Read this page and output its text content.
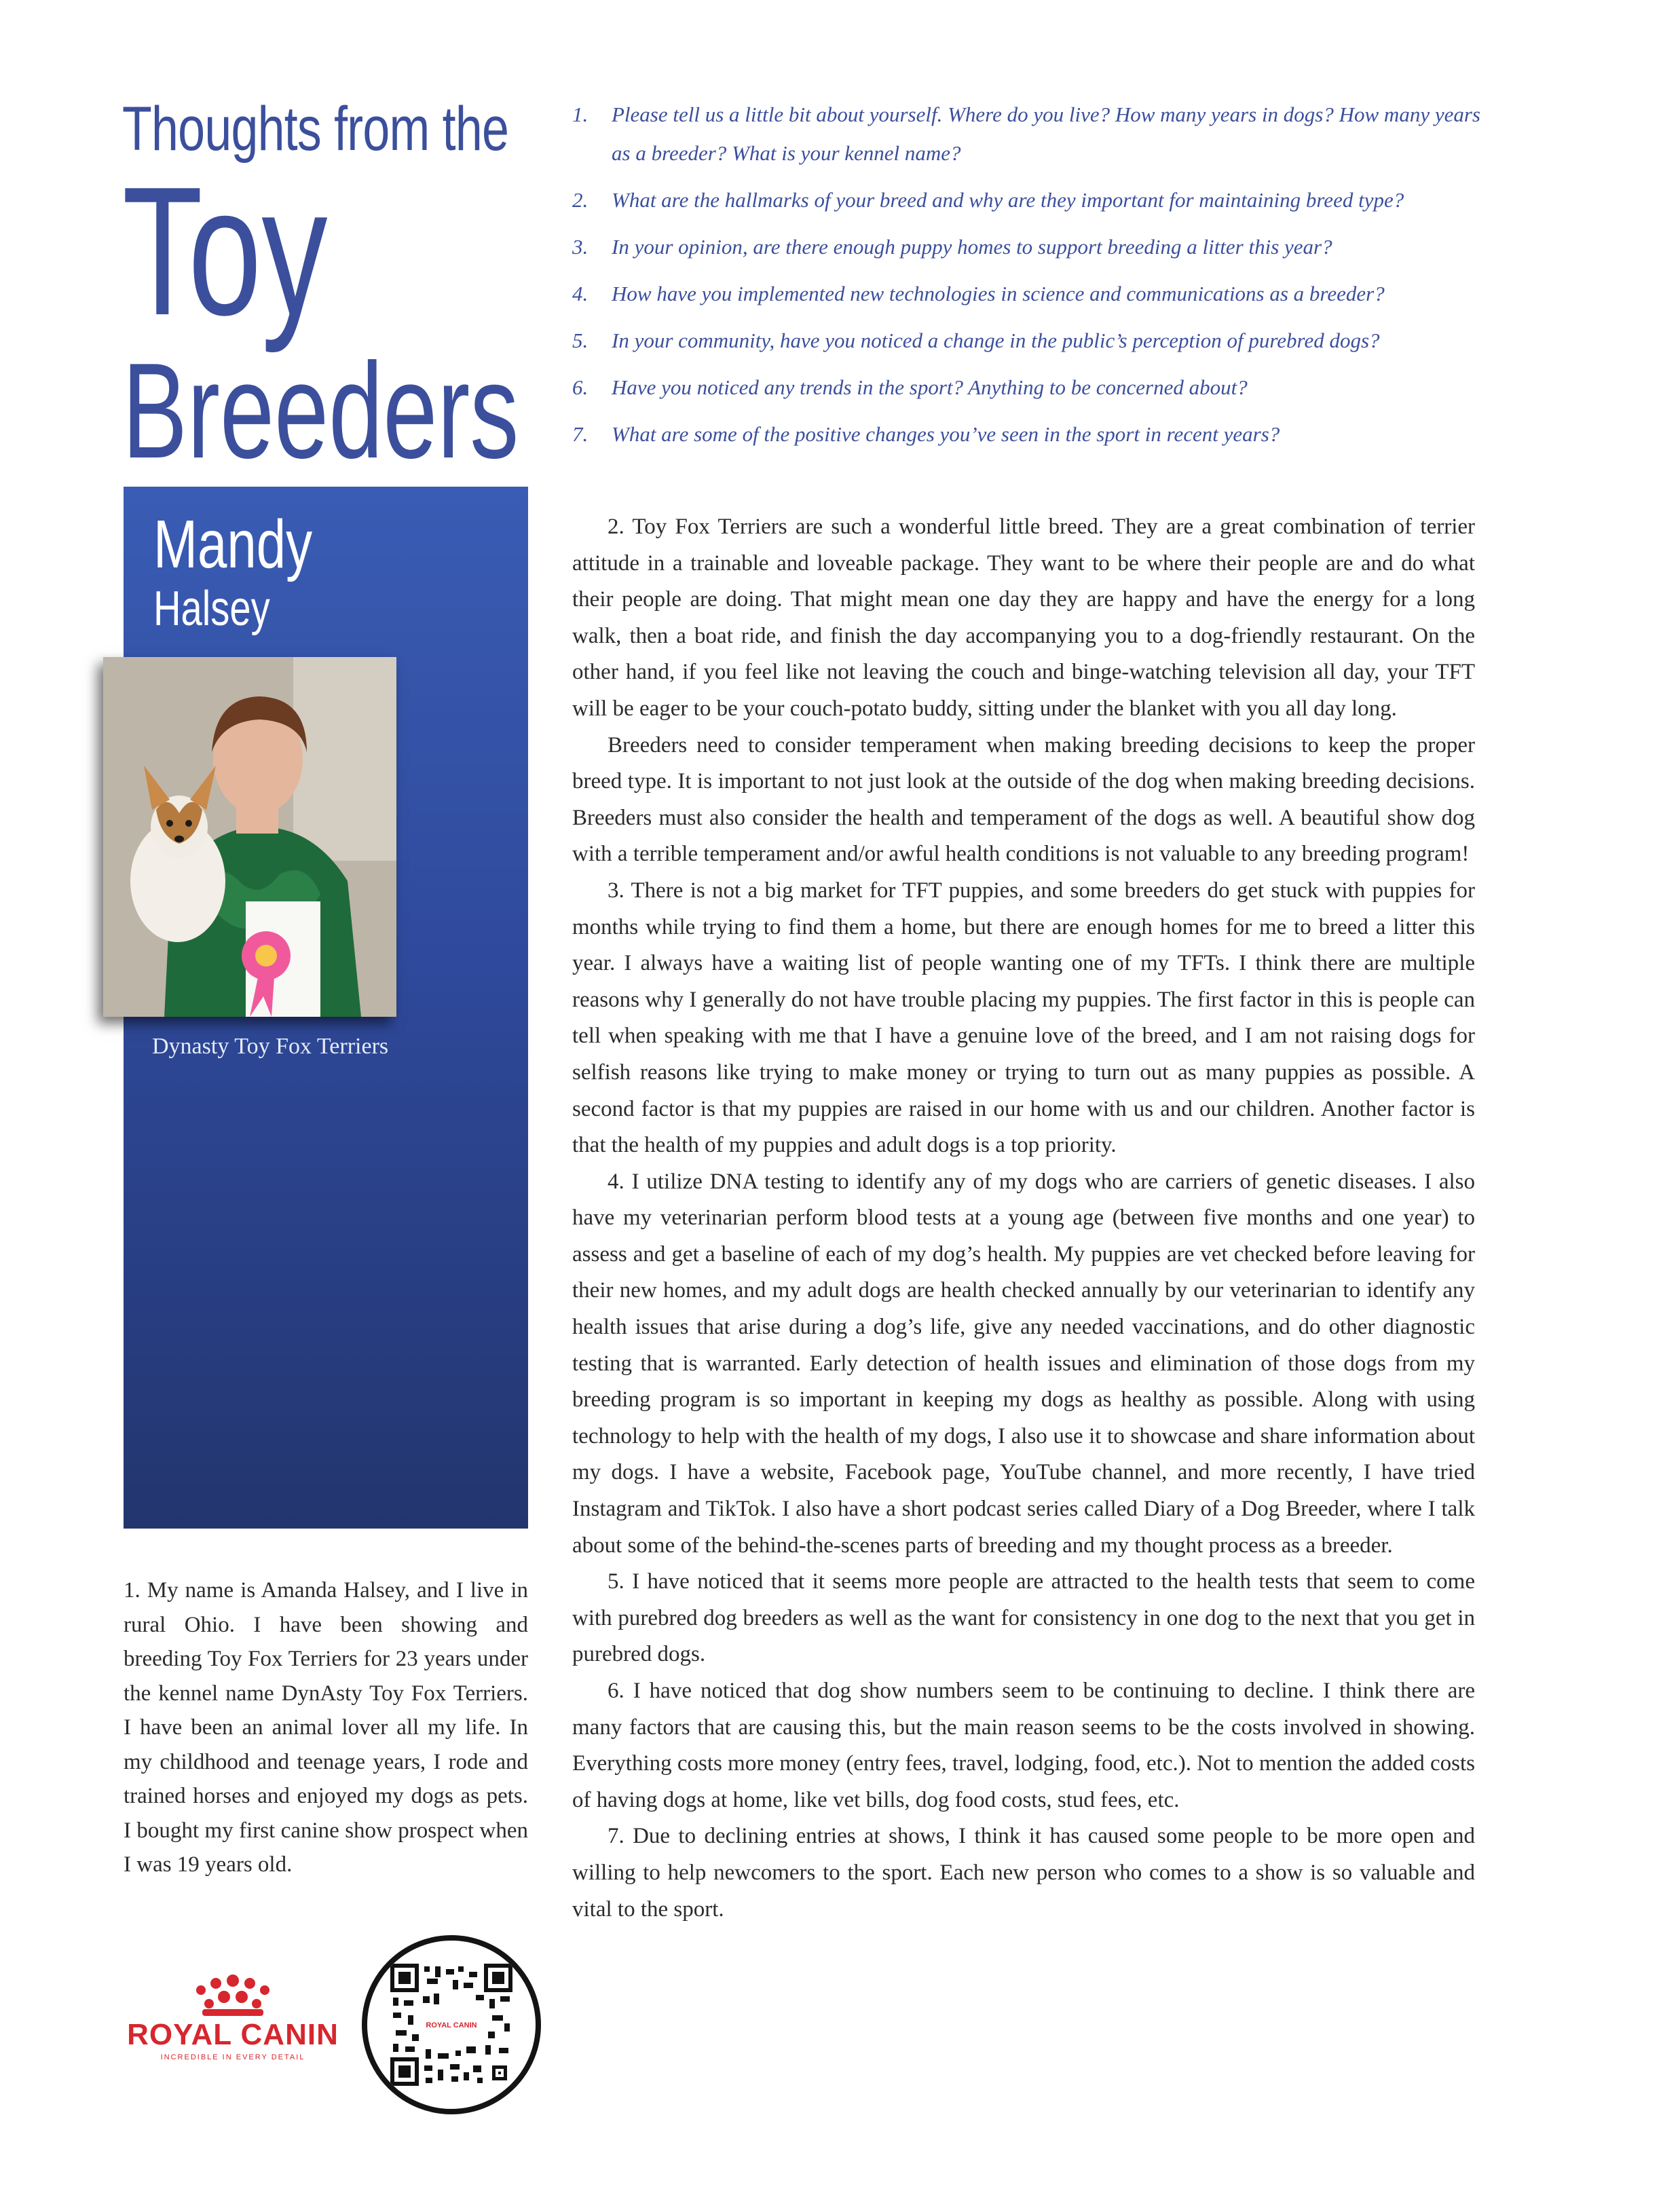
Thoughts from the
Toy
Breeders
1. Please tell us a little bit about yourself. Where do you live? How many years in dogs? How many years as a breeder? What is your kennel name?
2. What are the hallmarks of your breed and why are they important for maintaining breed type?
3. In your opinion, are there enough puppy homes to support breeding a litter this year?
4. How have you implemented new technologies in science and communications as a breeder?
5. In your community, have you noticed a change in the public’s perception of purebred dogs?
6. Have you noticed any trends in the sport? Anything to be concerned about?
7. What are some of the positive changes you’ve seen in the sport in recent years?
Mandy
Halsey
Dynasty Toy Fox Terriers

1. My name is Amanda Halsey, and I live in rural Ohio. I have been showing and breeding Toy Fox Terriers for 23 years under the kennel name DynAsty Toy Fox Terriers. I have been an animal lover all my life. In my childhood and teenage years, I rode and trained horses and enjoyed my dogs as pets. I bought my first canine show prospect when I was 19 years old.

2. Toy Fox Terriers are such a wonderful little breed. They are a great combination of terrier attitude in a trainable and loveable package. They want to be where their people are and do what their people are doing. That might mean one day they are happy and have the energy for a long walk, then a boat ride, and finish the day accompanying you to a dog-friendly restaurant. On the other hand, if you feel like not leaving the couch and binge-watching television all day, your TFT will be eager to be your couch-potato buddy, sitting under the blanket with you all day long.

Breeders need to consider temperament when making breeding decisions to keep the proper breed type. It is important to not just look at the outside of the dog when making breeding decisions. Breeders must also consider the health and temperament of the dogs as well. A beautiful show dog with a terrible temperament and/or awful health conditions is not valuable to any breeding program!

3. There is not a big market for TFT puppies, and some breeders do get stuck with puppies for months while trying to find them a home, but there are enough homes for me to breed a litter this year. I always have a waiting list of people wanting one of my TFTs. I think there are multiple reasons why I generally do not have trouble placing my puppies. The first factor in this is people can tell when speaking with me that I have a genuine love of the breed, and I am not raising dogs for selfish reasons like trying to make money or trying to turn out as many puppies as possible. A second factor is that my puppies are raised in our home with us and our children. Another factor is that the health of my puppies and adult dogs is a top priority.

4. I utilize DNA testing to identify any of my dogs who are carriers of genetic diseases. I also have my veterinarian perform blood tests at a young age (between five months and one year) to assess and get a baseline of each of my dog’s health. My puppies are vet checked before leaving for their new homes, and my adult dogs are health checked annually by our veterinarian to identify any health issues that arise during a dog’s life, give any needed vaccinations, and do other diagnostic testing that is warranted. Early detection of health issues and elimination of those dogs from my breeding program is so important in keeping my dogs as healthy as possible. Along with using technology to help with the health of my dogs, I also use it to showcase and share information about my dogs. I have a website, Facebook page, YouTube channel, and more recently, I have tried Instagram and TikTok. I also have a short podcast series called Diary of a Dog Breeder, where I talk about some of the behind-the-scenes parts of breeding and my thought process as a breeder.

5. I have noticed that it seems more people are attracted to the health tests that seem to come with purebred dog breeders as well as the want for consistency in one dog to the next that you get in purebred dogs.

6. I have noticed that dog show numbers seem to be continuing to decline. I think there are many factors that are causing this, but the main reason seems to be the costs involved in showing. Everything costs more money (entry fees, travel, lodging, food, etc.). Not to mention the added costs of having dogs at home, like vet bills, dog food costs, stud fees, etc.

7. Due to declining entries at shows, I think it has caused some people to be more open and willing to help newcomers to the sport. Each new person who comes to a show is so valuable and vital to the sport.

ROYAL CANIN
INCREDIBLE IN EVERY DETAIL
ROYAL CANIN
